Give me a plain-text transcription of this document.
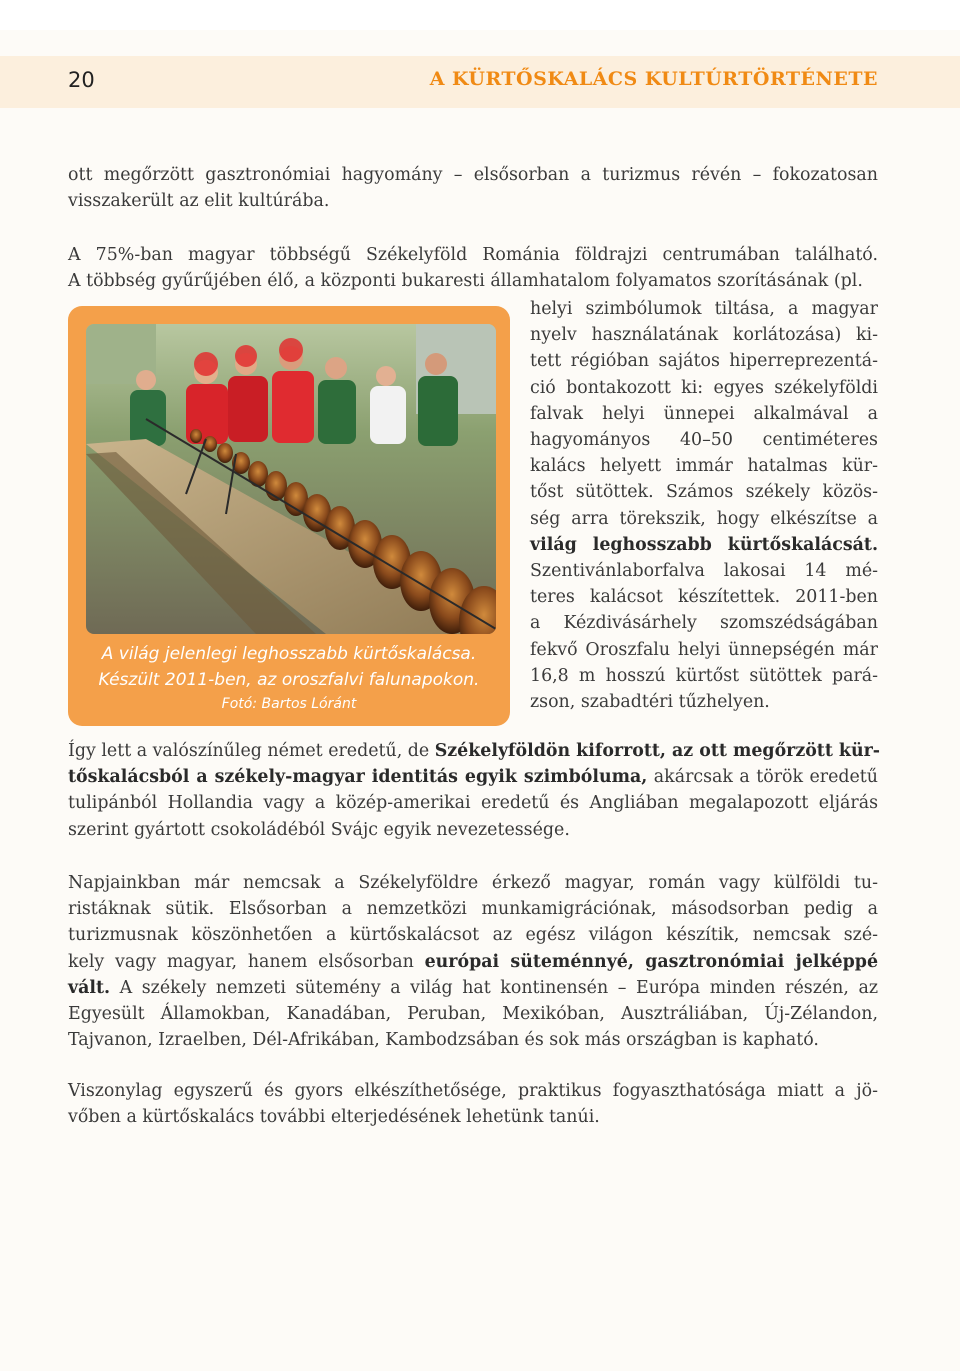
20	A KÜRTŐSKALÁCS KULTÚRTÖRTÉNETE

ott megőrzött gasztronómiai hagyomány – elsősorban a turizmus révén – fokozatosan
visszakerült az elit kultúrába.

A 75%-ban magyar többségű Székelyföld Románia földrajzi centrumában található.
A többség gyűrűjében élő, a központi bukaresti államhatalom folyamatos szorításának (pl.

helyi szimbólumok tiltása, a magyar
nyelv használatának korlátozása) ki-
tett régióban sajátos hiperreprezentá-
ció bontakozott ki: egyes székelyföldi
falvak helyi ünnepei alkalmával a
hagyományos 40–50 centiméteres
kalács helyett immár hatalmas kür-
tőst sütöttek. Számos székely közös-
ség arra törekszik, hogy elkészítse a
világ leghosszabb kürtőskalácsát.
Szentivánlaborfalva lakosai 14 mé-
teres kalácsot készítettek. 2011-ben
a Kézdivásárhely szomszédságában
fekvő Oroszfalu helyi ünnepségén már
16,8 m hosszú kürtőst sütöttek pará-
zson, szabadtéri tűzhelyen.
A világ jelenlegi leghosszabb kürtőskalácsa.
Készült 2011-ben, az oroszfalvi falunapokon.
Fotó: Bartos Lóránt

Így lett a valószínűleg német eredetű, de Székelyföldön kiforrott, az ott megőrzött kür-
tőskalácsból a székely-magyar identitás egyik szimbóluma, akárcsak a török eredetű
tulipánból Hollandia vagy a közép-amerikai eredetű és Angliában megalapozott eljárás
szerint gyártott csokoládéból Svájc egyik nevezetessége.

Napjainkban már nemcsak a Székelyföldre érkező magyar, román vagy külföldi tu-
ristáknak sütik. Elsősorban a nemzetközi munkamigrációnak, másodsorban pedig a
turizmusnak köszönhetően a kürtőskalácsot az egész világon készítik, nemcsak szé-
kely vagy magyar, hanem elsősorban európai süteménnyé, gasztronómiai jelképpé
vált. A székely nemzeti sütemény a világ hat kontinensén – Európa minden részén, az
Egyesült Államokban, Kanadában, Peruban, Mexikóban, Ausztráliában, Új-Zélandon,
Tajvanon, Izraelben, Dél-Afrikában, Kambodzsában és sok más országban is kapható.

Viszonylag egyszerű és gyors elkészíthetősége, praktikus fogyaszthatósága miatt a jö-
vőben a kürtőskalács további elterjedésének lehetünk tanúi.
